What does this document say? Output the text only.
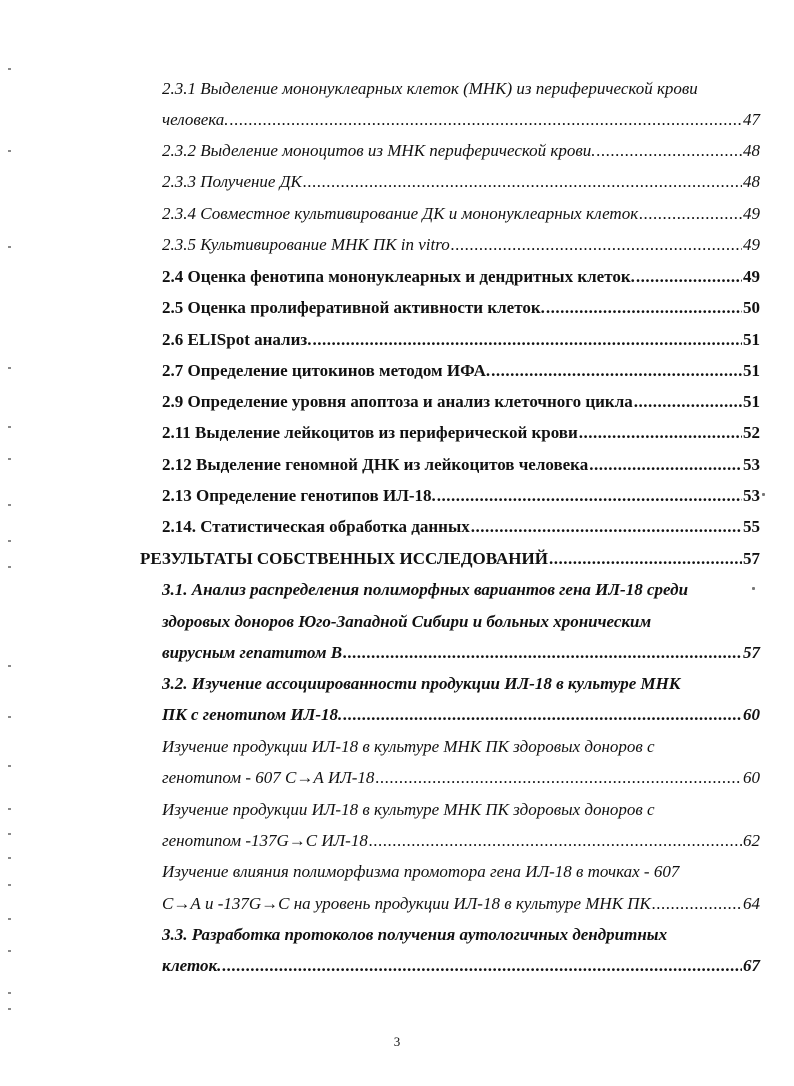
2.3.1 Выделение мононуклеарных клеток (МНК) из периферической крови
человека. .....	47
2.3.2 Выделение моноцитов из МНК периферической крови. .....	48
2.3.3 Получение ДК .....	48
2.3.4 Совместное культивирование ДК и мононуклеарных клеток .....	49
2.3.5 Культивирование МНК ПК in vitro .....	49
2.4 Оценка фенотипа мононуклеарных и дендритных клеток. .....	49
2.5 Оценка пролиферативной активности клеток. .....	50
2.6 ELISpot анализ. .....	51
2.7 Определение цитокинов методом ИФА. .....	51
2.9 Определение уровня апоптоза и анализ клеточного цикла .....	51
2.11 Выделение лейкоцитов из периферической крови .....	52
2.12 Выделение геномной ДНК из лейкоцитов человека .....	53
2.13 Определение генотипов ИЛ-18. .....	53
2.14. Статистическая обработка данных .....	55
РЕЗУЛЬТАТЫ СОБСТВЕННЫХ ИССЛЕДОВАНИЙ .....	57
3.1. Анализ распределения полиморфных вариантов гена ИЛ-18 среди
здоровых доноров Юго-Западной Сибири и больных хроническим
вирусным гепатитом В .....	57
3.2. Изучение ассоциированности продукции ИЛ-18 в культуре МНК
ПК с генотипом ИЛ-18. .....	60
Изучение продукции ИЛ-18 в культуре МНК ПК здоровых доноров с
генотипом - 607 С→А ИЛ-18 .....	60
Изучение продукции ИЛ-18 в культуре МНК ПК здоровых доноров с
генотипом -137G→С ИЛ-18 .....	62
Изучение влияния полиморфизма промотора гена ИЛ-18 в точках - 607
С→А и -137G→С на уровень продукции ИЛ-18 в культуре МНК ПК .....	64
3.3. Разработка протоколов получения аутологичных дендритных
клеток. .....	67
3
